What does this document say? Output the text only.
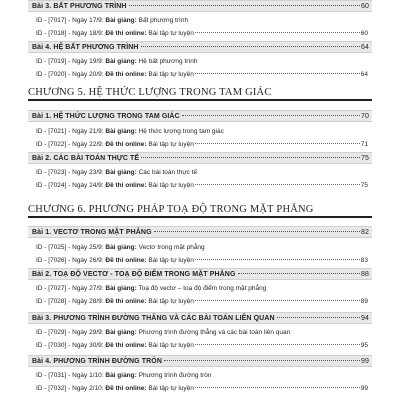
Bài 3. BẤT PHƯƠNG TRÌNH	60
ID - [7017] - Ngày 17/9: Bài giảng: Bất phương trình
ID - [7018] - Ngày 18/9: Đề thi online: Bài tập tự luyện	60
Bài 4. HỆ BẤT PHƯƠNG TRÌNH	64
ID - [7019] - Ngày 19/9: Bài giảng: Hệ bất phương trình
ID - [7020] - Ngày 20/9: Đề thi online: Bài tập tự luyện	64
CHƯƠNG 5. HỆ THỨC LƯỢNG TRONG TAM GIÁC
Bài 1. HỆ THỨC LƯỢNG TRONG TAM GIÁC	70
ID - [7021] - Ngày 21/9: Bài giảng: Hệ thức lượng trong tam giác
ID - [7022] - Ngày 22/9: Đề thi online: Bài tập tự luyện	71
Bài 2. CÁC BÀI TOÁN THỰC TẾ	75
ID - [7023] - Ngày 23/9: Bài giảng: Các bài toán thực tế
ID - [7024] - Ngày 24/9: Đề thi online: Bài tập tự luyện	75
CHƯƠNG 6. PHƯƠNG PHÁP TOẠ ĐỘ TRONG MẶT PHẲNG
Bài 1. VECTƠ TRONG MẶT PHẲNG	82
ID - [7025] - Ngày 25/9: Bài giảng: Vectơ trong mặt phẳng
ID - [7026] - Ngày 26/9: Đề thi online: Bài tập tự luyện	83
Bài 2. TOẠ ĐỘ VECTƠ - TOẠ ĐỘ ĐIỂM TRONG MẶT PHẲNG	88
ID - [7027] - Ngày 27/9: Bài giảng: Toạ độ vectơ – toạ độ điểm trong mặt phẳng
ID - [7028] - Ngày 28/9: Đề thi online: Bài tập tự luyện	89
Bài 3. PHƯƠNG TRÌNH ĐƯỜNG THẲNG VÀ CÁC BÀI TOÁN LIÊN QUAN	94
ID - [7029] - Ngày 29/9: Bài giảng: Phương trình đường thẳng và các bài toán liên quan
ID - [7030] - Ngày 30/9: Đề thi online: Bài tập tự luyện	95
Bài 4. PHƯƠNG TRÌNH ĐƯỜNG TRÒN	99
ID - [7031] - Ngày 1/10: Bài giảng: Phương trình đường tròn
ID - [7032] - Ngày 2/10: Đề thi online: Bài tập tự luyện	99
